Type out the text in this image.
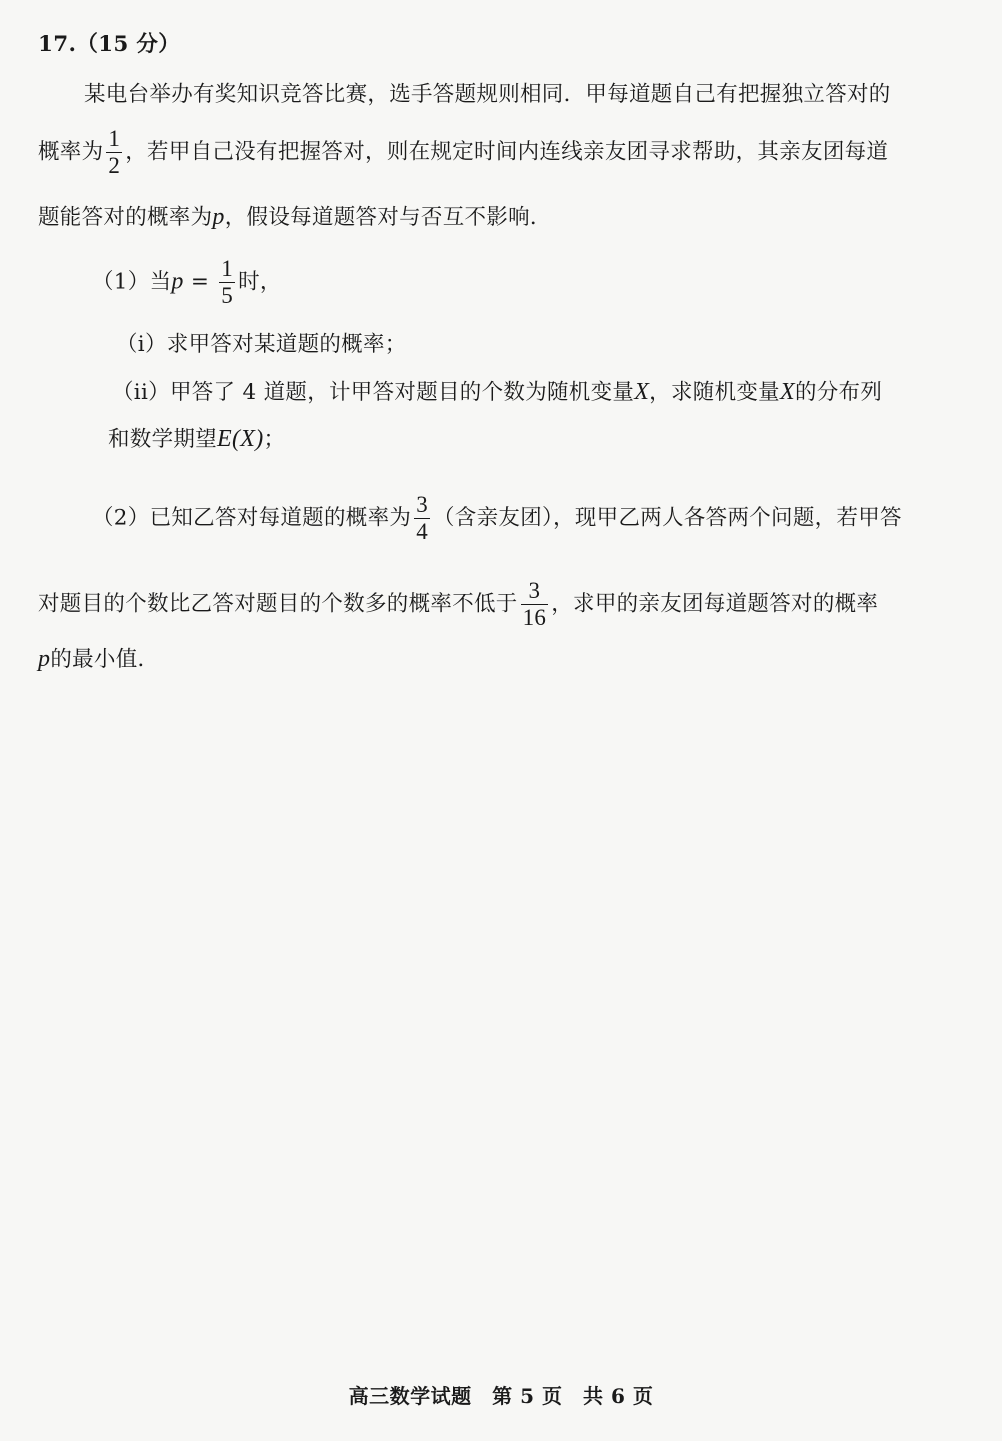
17.（15 分）
某电台举办有奖知识竞答比赛，选手答题规则相同．甲每道题自己有把握独立答对的
概率为 $\frac{1}{2}$ ，若甲自己没有把握答对，则在规定时间内连线亲友团寻求帮助，其亲友团每道
题能答对的概率为p，假设每道题答对与否互不影响．
（1）当$p = \frac{1}{5}$ 时，
（i）求甲答对某道题的概率；
（ii）甲答了 4 道题，计甲答对题目的个数为随机变量X，求随机变量X的分布列
和数学期望E(X)；
（2）已知乙答对每道题的概率为 $\frac{3}{4}$ （含亲友团），现甲乙两人各答两个问题，若甲答
对题目的个数比乙答对题目的个数多的概率不低于 $\frac{3}{16}$ ，求甲的亲友团每道题答对的概率
p的最小值．
高三数学试题　第 5 页　共 6 页
